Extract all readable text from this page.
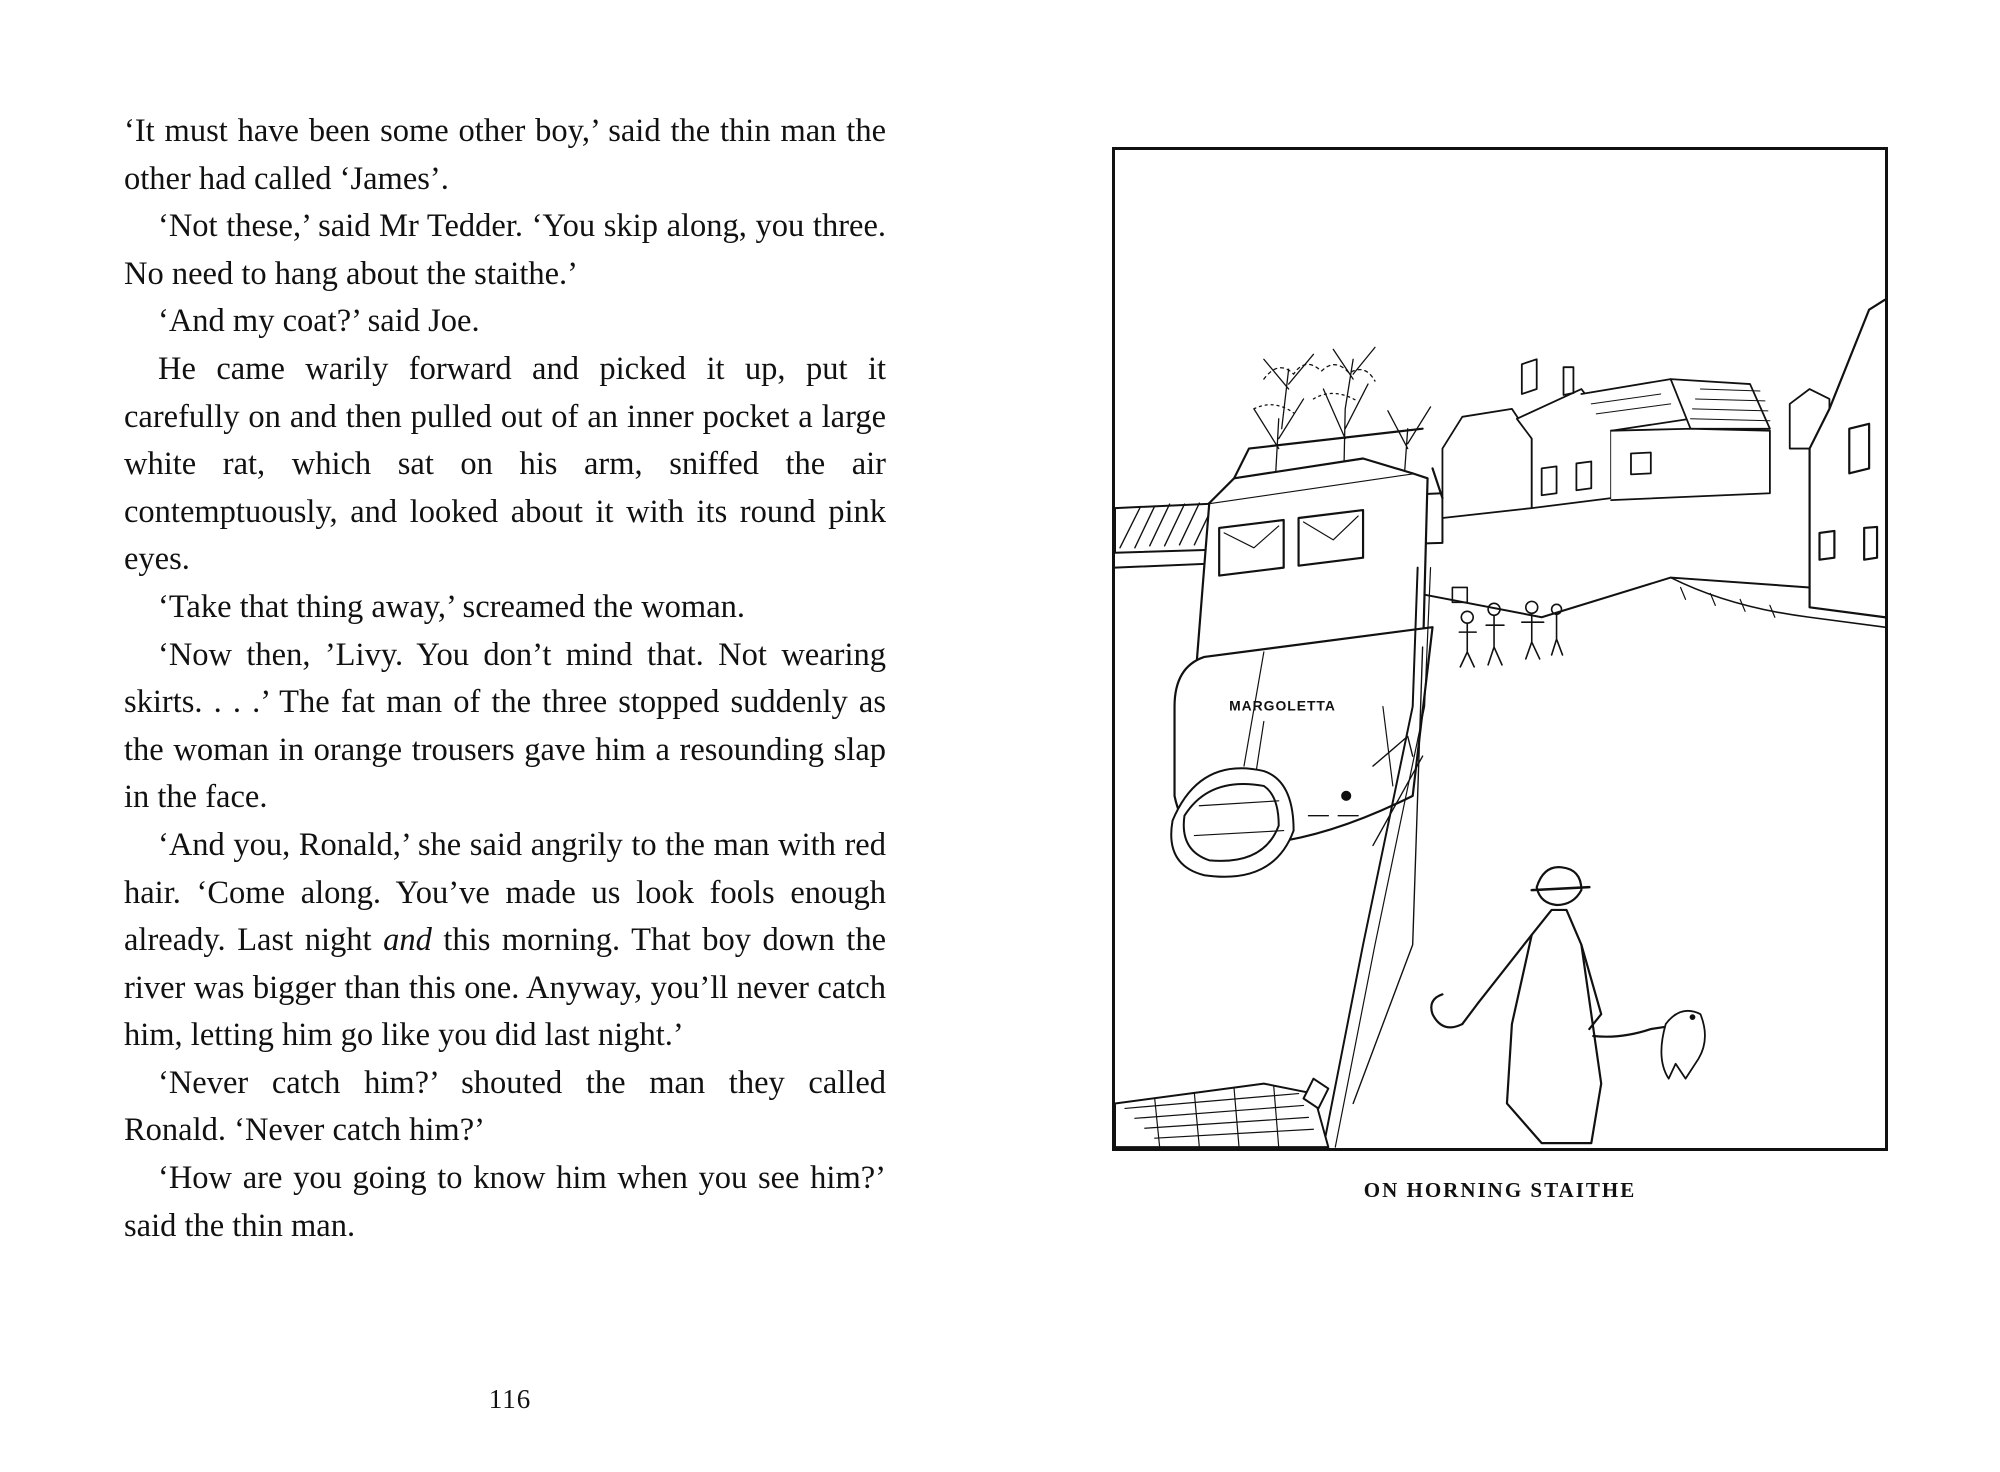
‘It must have been some other boy,’ said the thin man the other had called ‘James’.

‘Not these,’ said Mr Tedder. ‘You skip along, you three. No need to hang about the staithe.’

‘And my coat?’ said Joe.

He came warily forward and picked it up, put it carefully on and then pulled out of an inner pocket a large white rat, which sat on his arm, sniffed the air contemptuously, and looked about it with its round pink eyes.

‘Take that thing away,’ screamed the woman.

‘Now then, ’Livy. You don’t mind that. Not wearing skirts. . . .’ The fat man of the three stopped suddenly as the woman in orange trousers gave him a resounding slap in the face.

‘And you, Ronald,’ she said angrily to the man with red hair. ‘Come along. You’ve made us look fools enough already. Last night and this morning. That boy down the river was bigger than this one. Anyway, you’ll never catch him, letting him go like you did last night.’

‘Never catch him?’ shouted the man they called Ronald. ‘Never catch him?’

‘How are you going to know him when you see him?’ said the thin man.

116
MARGOLETTA
ON HORNING STAITHE
